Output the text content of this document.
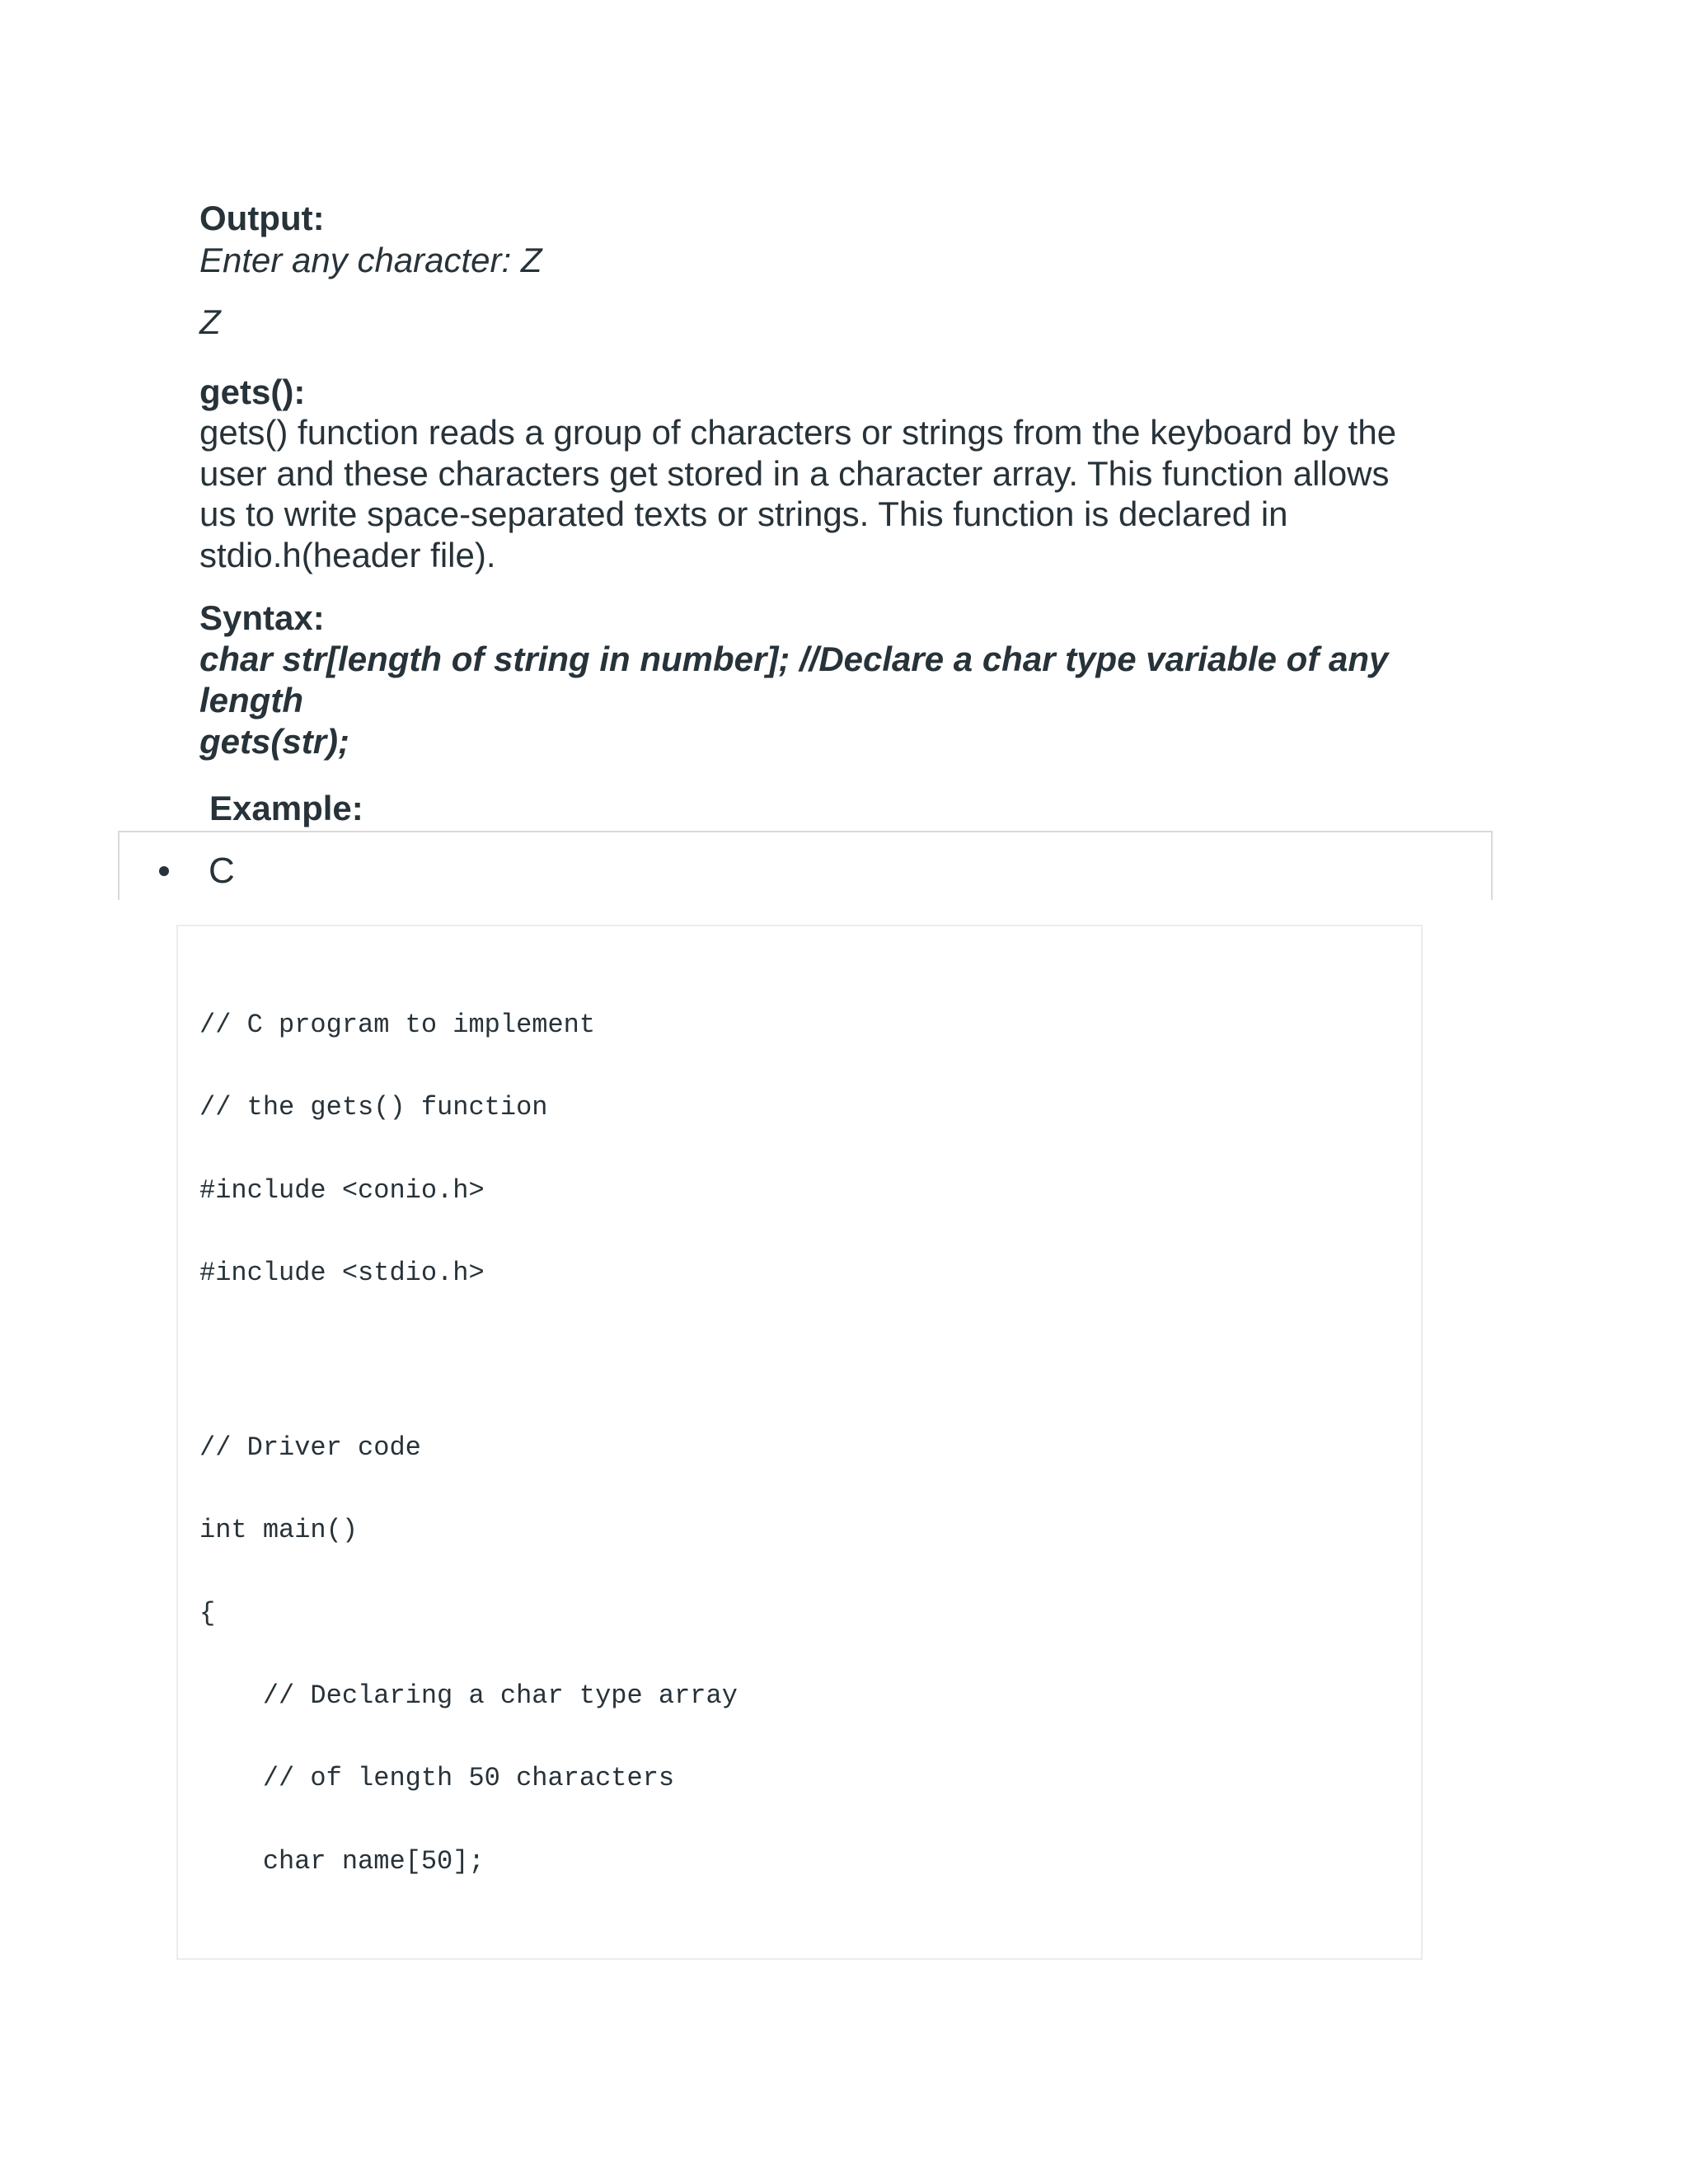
Output:
Enter any character: Z
Z
gets():
gets() function reads a group of characters or strings from the keyboard by the
user and these characters get stored in a character array. This function allows
us to write space-separated texts or strings. This function is declared in
stdio.h(header file).
Syntax:
char str[length of string in number]; //Declare a char type variable of any
length
gets(str);
Example:
C
// C program to implement
// the gets() function
#include <conio.h>
#include <stdio.h>
// Driver code
int main()
{
// Declaring a char type array
// of length 50 characters
char name[50];
